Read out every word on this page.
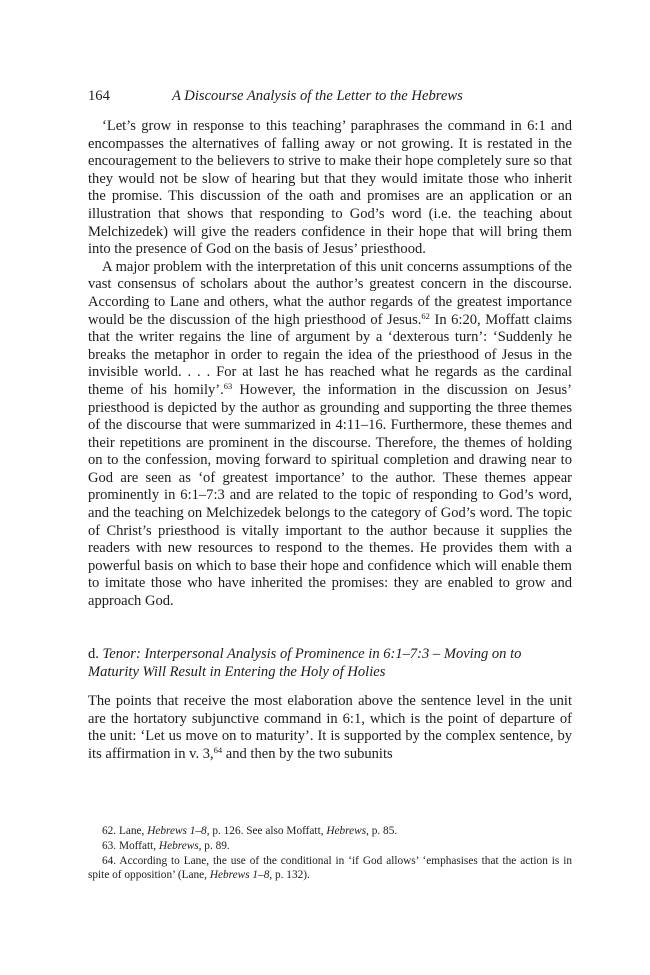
164	A Discourse Analysis of the Letter to the Hebrews

‘Let’s grow in response to this teaching’ paraphrases the command in 6:1 and encompasses the alternatives of falling away or not growing. It is restated in the encouragement to the believers to strive to make their hope completely sure so that they would not be slow of hearing but that they would imitate those who inherit the promise. This discussion of the oath and promises are an application or an illustration that shows that responding to God’s word (i.e. the teaching about Melchizedek) will give the readers confidence in their hope that will bring them into the presence of God on the basis of Jesus’ priesthood.

A major problem with the interpretation of this unit concerns assumptions of the vast consensus of scholars about the author’s greatest concern in the discourse. According to Lane and others, what the author regards of the greatest importance would be the discussion of the high priesthood of Jesus.$^{62}$ In 6:20, Moffatt claims that the writer regains the line of argument by a ‘dexterous turn’: ‘Suddenly he breaks the metaphor in order to regain the idea of the priesthood of Jesus in the invisible world. . . . For at last he has reached what he regards as the cardinal theme of his homily’.$^{63}$ However, the information in the discussion on Jesus’ priesthood is depicted by the author as grounding and supporting the three themes of the discourse that were summarized in 4:11–16. Furthermore, these themes and their repetitions are prominent in the discourse. Therefore, the themes of holding on to the confession, moving forward to spiritual completion and drawing near to God are seen as ‘of greatest importance’ to the author. These themes appear prominently in 6:1–7:3 and are related to the topic of responding to God’s word, and the teaching on Melchizedek belongs to the category of God’s word. The topic of Christ’s priesthood is vitally important to the author because it supplies the readers with new resources to respond to the themes. He provides them with a powerful basis on which to base their hope and confidence which will enable them to imitate those who have inherited the promises: they are enabled to grow and approach God.

d. Tenor: Interpersonal Analysis of Prominence in 6:1–7:3 – Moving on to Maturity Will Result in Entering the Holy of Holies

The points that receive the most elaboration above the sentence level in the unit are the hortatory subjunctive command in 6:1, which is the point of departure of the unit: ‘Let us move on to maturity’. It is supported by the complex sentence, by its affirmation in v. 3,64 and then by the two subunits

62. Lane, Hebrews 1–8, p. 126. See also Moffatt, Hebrews, p. 85.

63. Moffatt, Hebrews, p. 89.

64. According to Lane, the use of the conditional in ‘if God allows’ ‘emphasises that the action is in spite of opposition’ (Lane, Hebrews 1–8, p. 132).
